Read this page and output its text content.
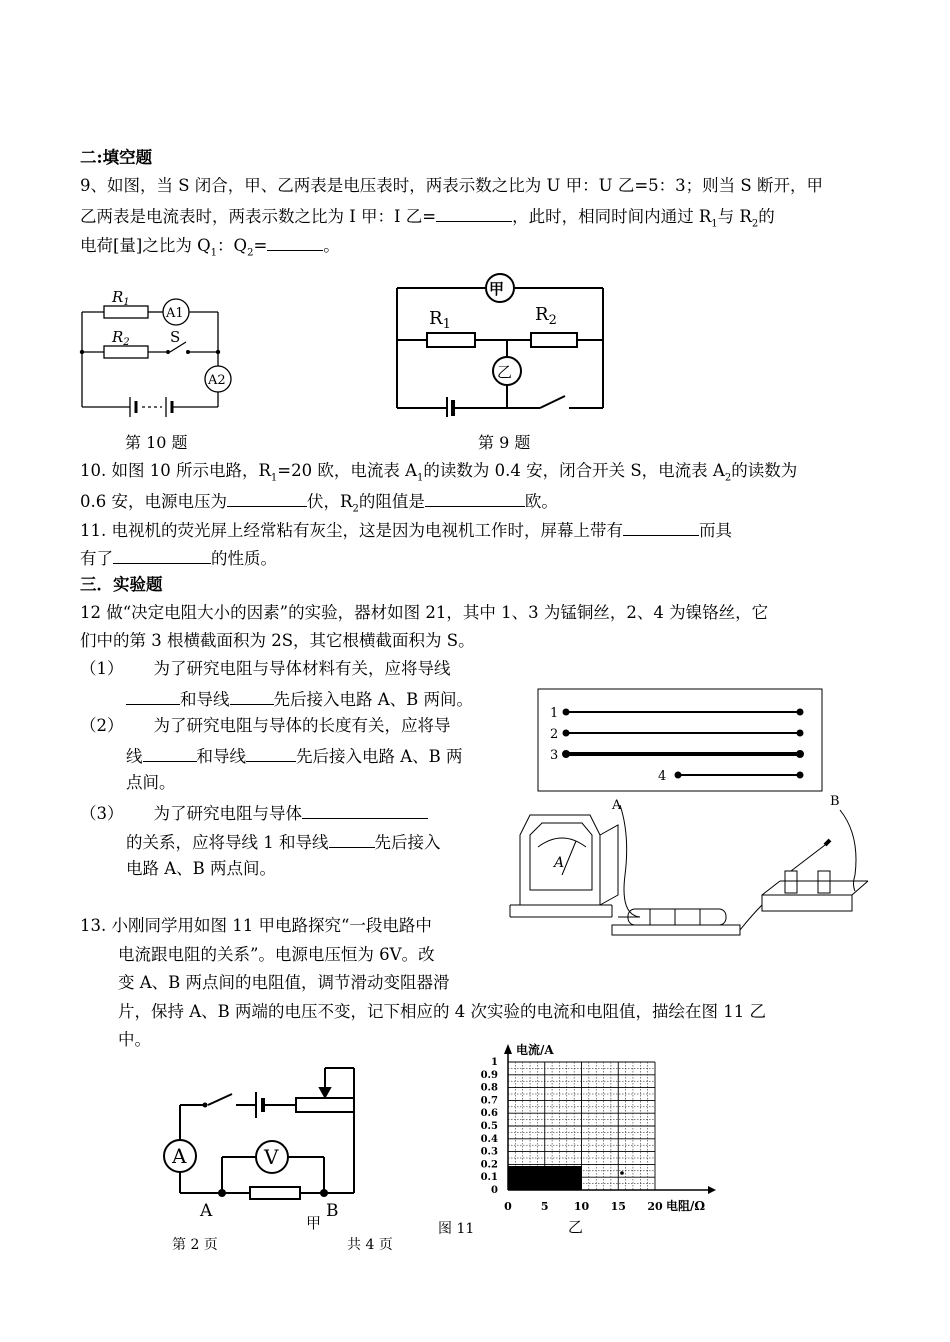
二:填空题
9、如图，当 S 闭合，甲、乙两表是电压表时，两表示数之比为 U 甲：U 乙=5：3；则当 S 断开，甲
乙两表是电流表时，两表示数之比为 I 甲：I 乙=	，此时，相同时间内通过 $R_1$与 $R_2$的
电荷[量]之比为 $Q_1$：$Q_2=$	。
$R_1$
$R_2$
A1
A2
S
第 10 题
甲
乙
$R_1$	$R_2$
第 9 题
10. 如图 10 所示电路，$R_1=20$ 欧，电流表 $A_1$的读数为 0.4 安，闭合开关 S，电流表 $A_2$的读数为
0.6 安，电源电压为	伏，$R_2$的阻值是	欧。
11. 电视机的荧光屏上经常粘有灰尘，这是因为电视机工作时，屏幕上带有	而具
有了	的性质。
三．实验题
12 做“决定电阻大小的因素”的实验，器材如图 21，其中 1、3 为锰铜丝，2、4 为镍铬丝，它
们中的第 3 根横截面积为 2S，其它根横截面积为 S。
（1） 为了研究电阻与导体材料有关，应将导线
和导线	先后接入电路 A、B 两间。
（2） 为了研究电阻与导体的长度有关，应将导
线	和导线	先后接入电路 A、B 两
点间。
（3） 为了研究电阻与导体
的关系，应将导线 1 和导线	先后接入
电路 A、B 两点间。
1
2
3
4
A	B
A
13. 小刚同学用如图 11 甲电路探究“一段电路中
电流跟电阻的关系”。电源电压恒为 6V。改
变 A、B 两点间的电阻值，调节滑动变阻器滑
片，保持 A、B 两端的电压不变，记下相应的 4 次实验的电流和电阻值，描绘在图 11 乙
中。
A	V
A	B
甲
1
0.9
0.8
0.7
0.6
0.5
0.4
0.3
0.2
0.1
0
0	5 10 15 20
电流/A
电阻/Ω
乙
图 11
第 2 页	共 4 页
